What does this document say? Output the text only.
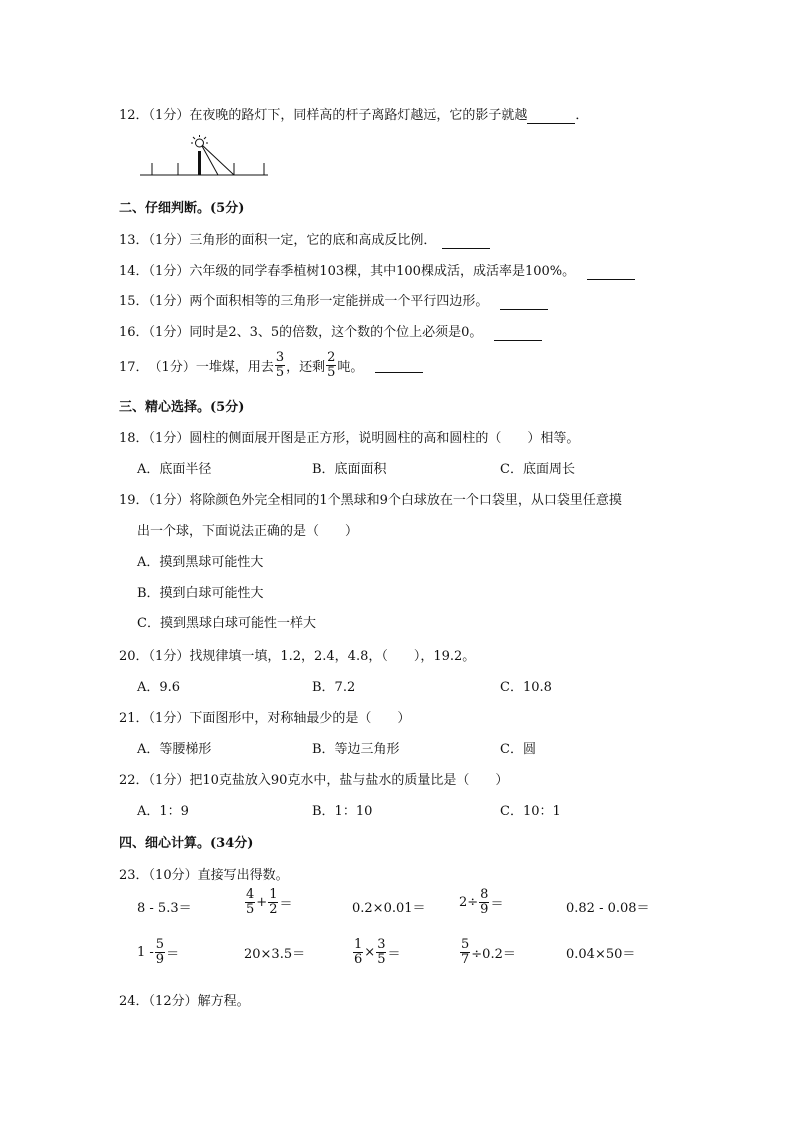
12．（1分）在夜晚的路灯下，同样高的杆子离路灯越远，它的影子就越	．
二、仔细判断。(5分)
13．（1分）三角形的面积一定，它的底和高成反比例．
14．（1分）六年级的同学春季植树103棵，其中100棵成活，成活率是100%。
15．（1分）两个面积相等的三角形一定能拼成一个平行四边形。
16．（1分）同时是2、3、5的倍数，这个数的个位上必须是0。
17． （1分） 一堆煤，用去 $\frac{3}{5}$ ，还剩 $\frac{2}{5}$ 吨。

三、精心选择。(5分)
18．（1分）圆柱的侧面展开图是正方形，说明圆柱的高和圆柱的（　　）相等。
A．底面半径	B．底面面积	C．底面周长
19．（1分）将除颜色外完全相同的1个黑球和9个白球放在一个口袋里，从口袋里任意摸
出一个球，下面说法正确的是（　　）
A．摸到黑球可能性大
B．摸到白球可能性大
C．摸到黑球白球可能性一样大
20．（1分）找规律填一填，1.2，2.4，4.8，（　　），19.2。
A．9.6	B．7.2	C．10.8
21．（1分）下面图形中，对称轴最少的是（　　）
A．等腰梯形	B．等边三角形	C．圆
22．（1分）把10克盐放入90克水中，盐与盐水的质量比是（　　）
A．1：9	B．1：10	C．10：1
四、细心计算。(34分)
23．（10分）直接写出得数。
8 - 5.3＝	$\frac{4}{5} + \frac{1}{2}$ ＝	0.2×0.01＝	$2\div \frac{8}{9}$ ＝	0.82 - 0.08＝
$1 - \frac{5}{9}$ ＝	20×3.5＝	$\frac{1}{6} \times \frac{3}{5}$ ＝	$\frac{5}{7} \div 0.2=$	0.04×50＝
24．（12分）解方程。
